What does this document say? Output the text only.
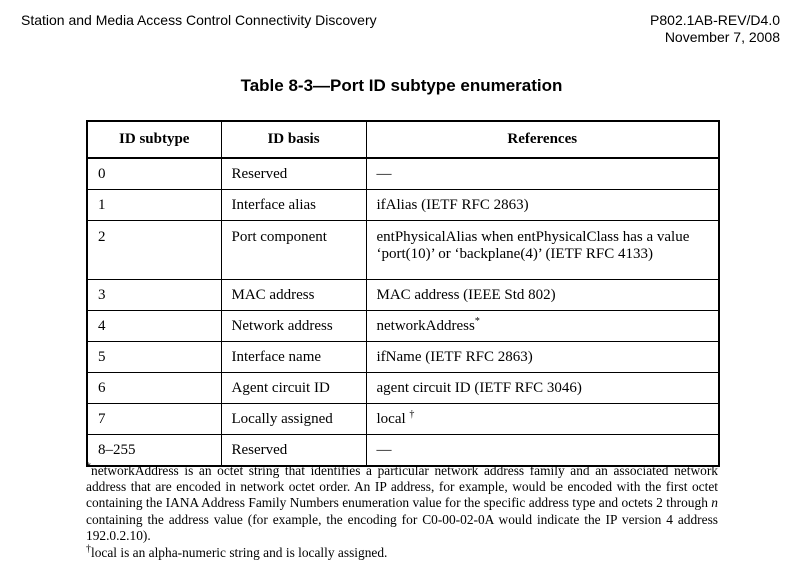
Station and Media Access Control Connectivity Discovery	P802.1AB-REV/D4.0
November 7, 2008
Table 8-3—Port ID subtype enumeration
ID subtype	ID basis	References
0	Reserved	—
1	Interface alias	ifAlias (IETF RFC 2863)
2	Port component	entPhysicalAlias when entPhysicalClass has a value ‘port(10)’ or ‘backplane(4)’ (IETF RFC 4133)
3	MAC address	MAC address (IEEE Std 802)
4	Network address	networkAddress*
5	Interface name	ifName (IETF RFC 2863)
6	Agent circuit ID	agent circuit ID (IETF RFC 3046)
7	Locally assigned	local †
8–255	Reserved	—

*networkAddress is an octet string that identifies a particular network address family and an associated network address that are encoded in network octet order. An IP address, for example, would be encoded with the first octet containing the IANA Address Family Numbers enumeration value for the specific address type and octets 2 through n containing the address value (for example, the encoding for C0-00-02-0A would indicate the IP version 4 address 192.0.2.10).

†local is an alpha-numeric string and is locally assigned.
